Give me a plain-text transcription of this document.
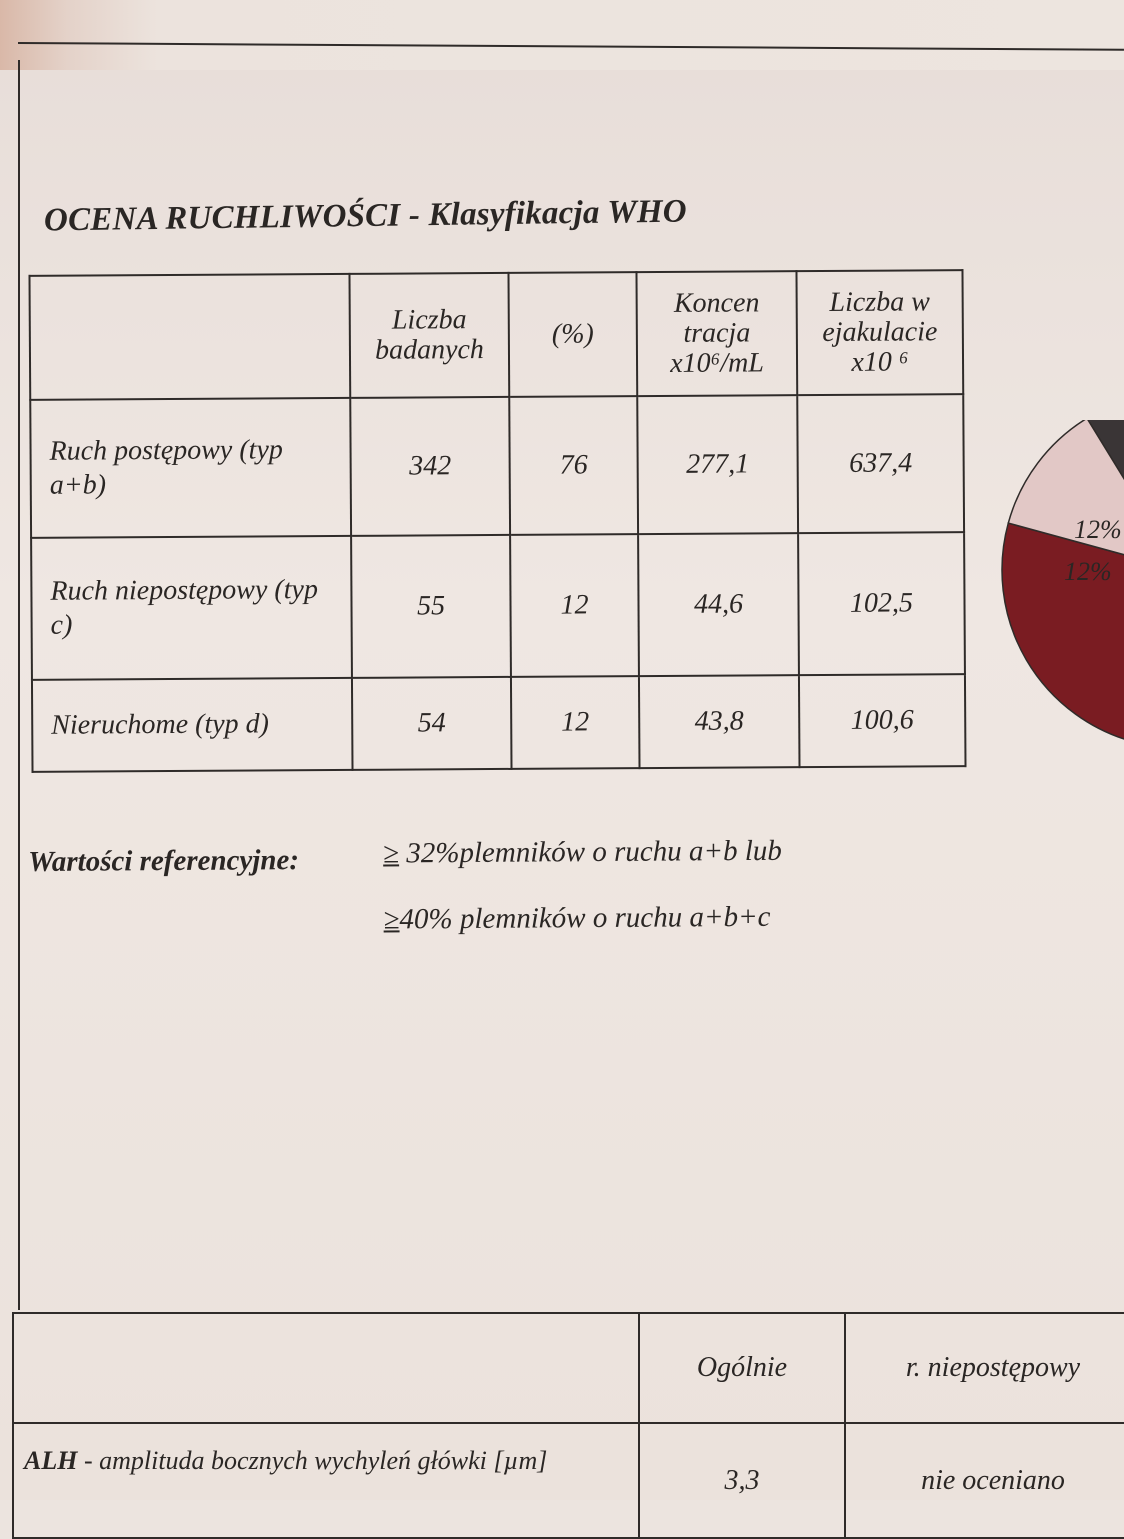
OCENA RUCHLIWOŚCI - Klasyfikacja WHO
	Liczba badanych	(%)	Koncen tracja x10⁶/mL	Liczba w ejakulacie x10 ⁶
Ruch postępowy (typ a+b)	342	76	277,1	637,4
Ruch niepostępowy (typ c)	55	12	44,6	102,5
Nieruchome (typ d)	54	12	43,8	100,6
12%
12%
Wartości referencyjne:	≥ 32%plemników o ruchu a+b lub
≥40% plemników o ruchu a+b+c
	Ogólnie	r. niepostępowy
ALH - amplituda bocznych wychyleń główki [µm]	3,3	nie oceniano
